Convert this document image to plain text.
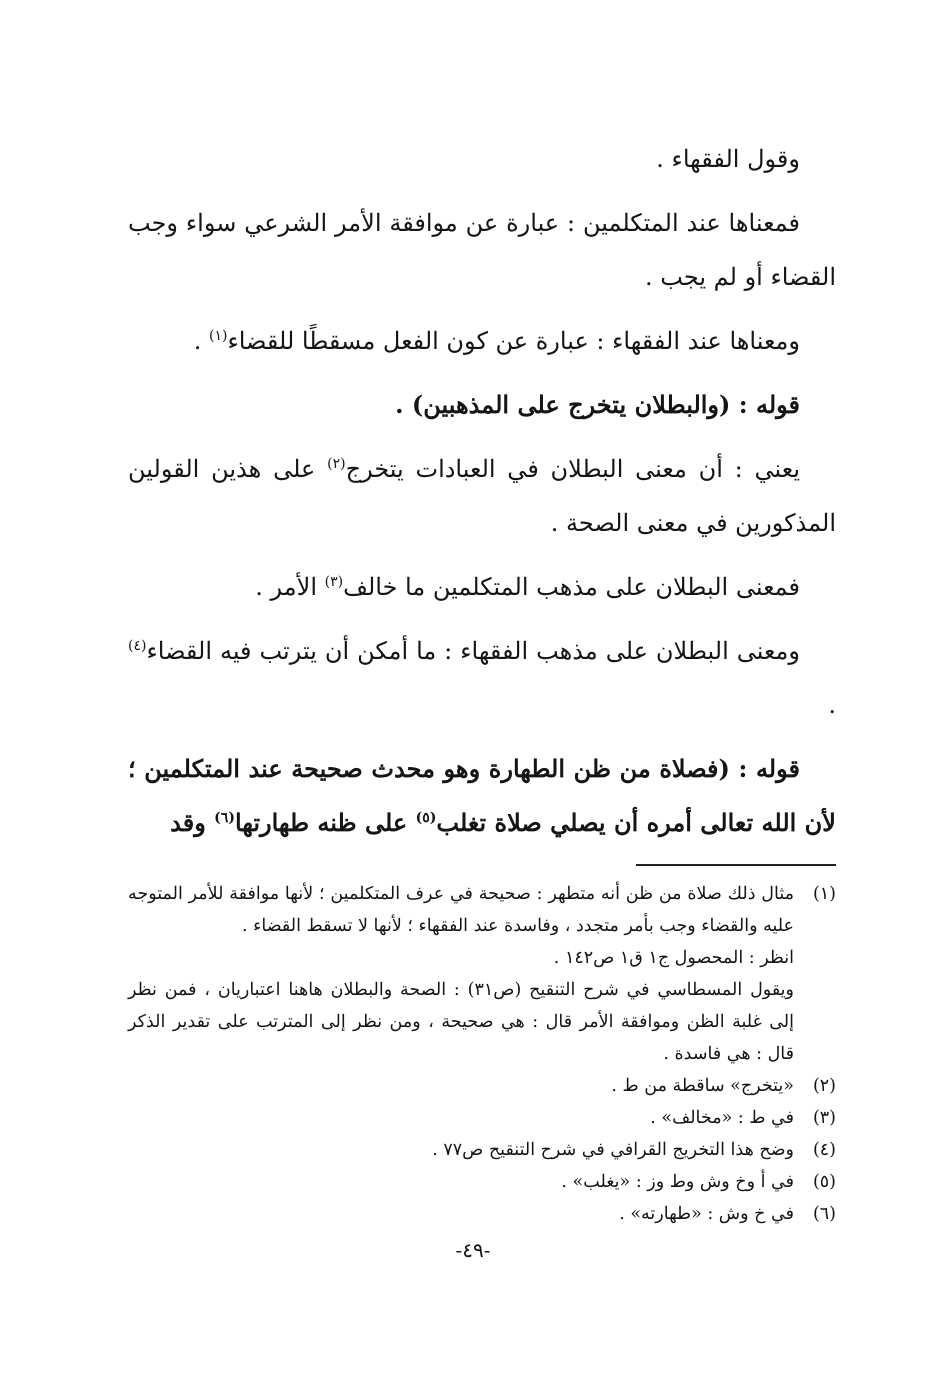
وقول الفقهاء .

فمعناها عند المتكلمين : عبارة عن موافقة الأمر الشرعي سواء وجب القضاء أو لم يجب .

ومعناها عند الفقهاء : عبارة عن كون الفعل مسقطًا للقضاء$^{(١)}$ .

قوله : (والبطلان يتخرج على المذهبين) .

يعني : أن معنى البطلان في العبادات يتخرج$^{(٢)}$ على هذين القولين المذكورين في معنى الصحة .

فمعنى البطلان على مذهب المتكلمين ما خالف$^{(٣)}$ الأمر .

ومعنى البطلان على مذهب الفقهاء : ما أمكن أن يترتب فيه القضاء$^{(٤)}$ .

قوله : (فصلاة من ظن الطهارة وهو محدث صحيحة عند المتكلمين ؛ لأن الله تعالى أمره أن يصلي صلاة تغلب$^{(٥)}$ على ظنه طهارتها$^{(٦)}$ وقد

(١)
مثال ذلك صلاة من ظن أنه متطهر : صحيحة في عرف المتكلمين ؛ لأنها موافقة للأمر المتوجه عليه والقضاء وجب بأمر متجدد ، وفاسدة عند الفقهاء ؛ لأنها لا تسقط القضاء .
انظر : المحصول ج١ ق١ ص١٤٢ .
ويقول المسطاسي في شرح التنقيح (ص٣١) : الصحة والبطلان هاهنا اعتباريان ، فمن نظر إلى غلبة الظن وموافقة الأمر قال : هي صحيحة ، ومن نظر إلى المترتب على تقدير الذكر قال : هي فاسدة .
(٢)
«يتخرج» ساقطة من ط .
(٣)
في ط : «مخالف» .
(٤)
وضح هذا التخريج القرافي في شرح التنقيح ص٧٧ .
(٥)
في أ وخ وش وط وز : «يغلب» .
(٦)
في خ وش : «طهارته» .
-٤٩-
